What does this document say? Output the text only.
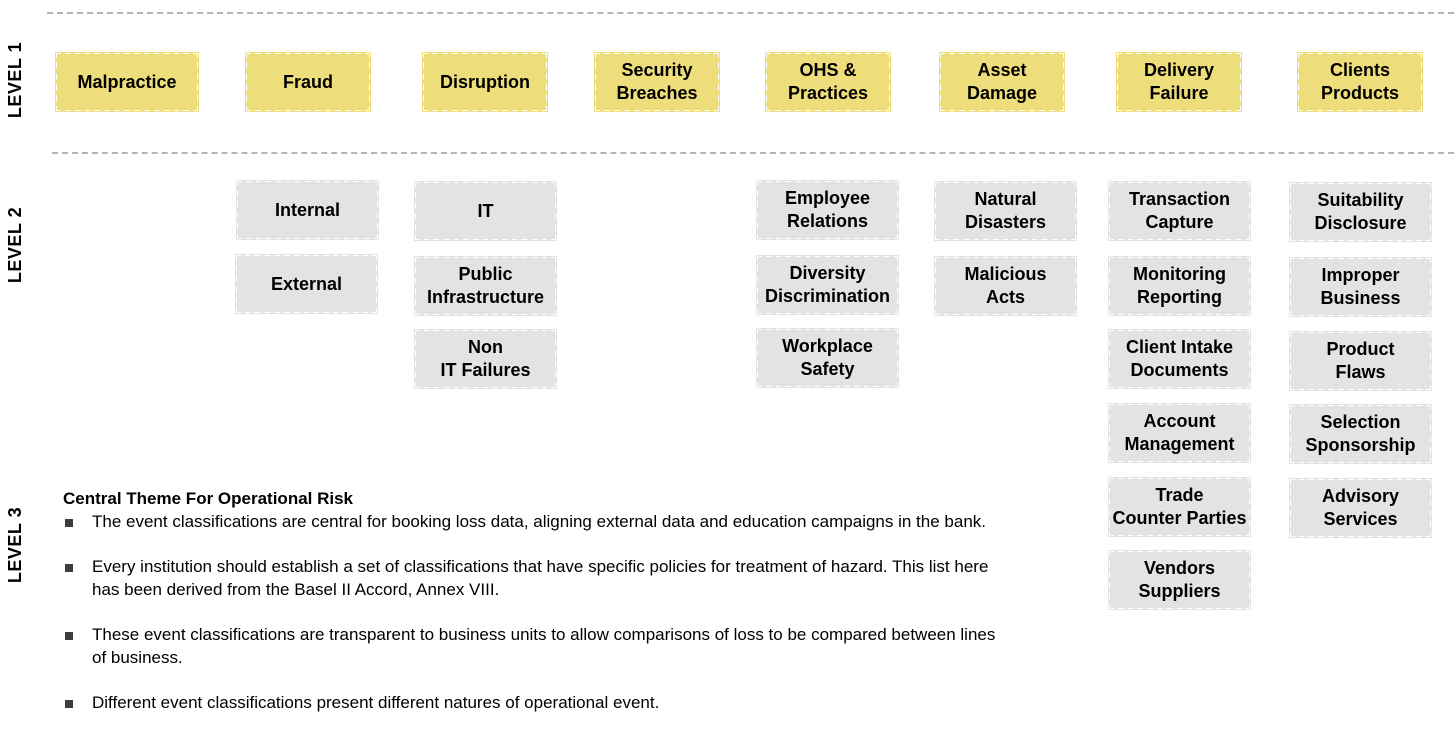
LEVEL 1
LEVEL 2
LEVEL 3
Malpractice	Fraud	Disruption
Security
Breaches
OHS &
Practices
Asset
Damage
Delivery
Failure
Clients
Products
Internal
External
IT
Public
Infrastructure
Non
IT Failures
Employee
Relations
Diversity
Discrimination
Workplace
Safety
Natural
Disasters
Malicious
Acts
Transaction
Capture
Monitoring
Reporting
Client Intake
Documents
Account
Management
Trade
Counter Parties
Vendors
Suppliers
Suitability
Disclosure
Improper
Business
Product
Flaws
Selection
Sponsorship
Advisory
Services
Central Theme For Operational Risk
The event classifications are central for booking loss data, aligning external data and education campaigns in the bank.
Every institution should establish a set of classifications that have specific policies for treatment of hazard. This list here has been derived from the Basel II Accord, Annex VIII.
These event classifications are transparent to business units to allow comparisons of loss to be compared between lines of business.
Different event classifications present different natures of operational event.
